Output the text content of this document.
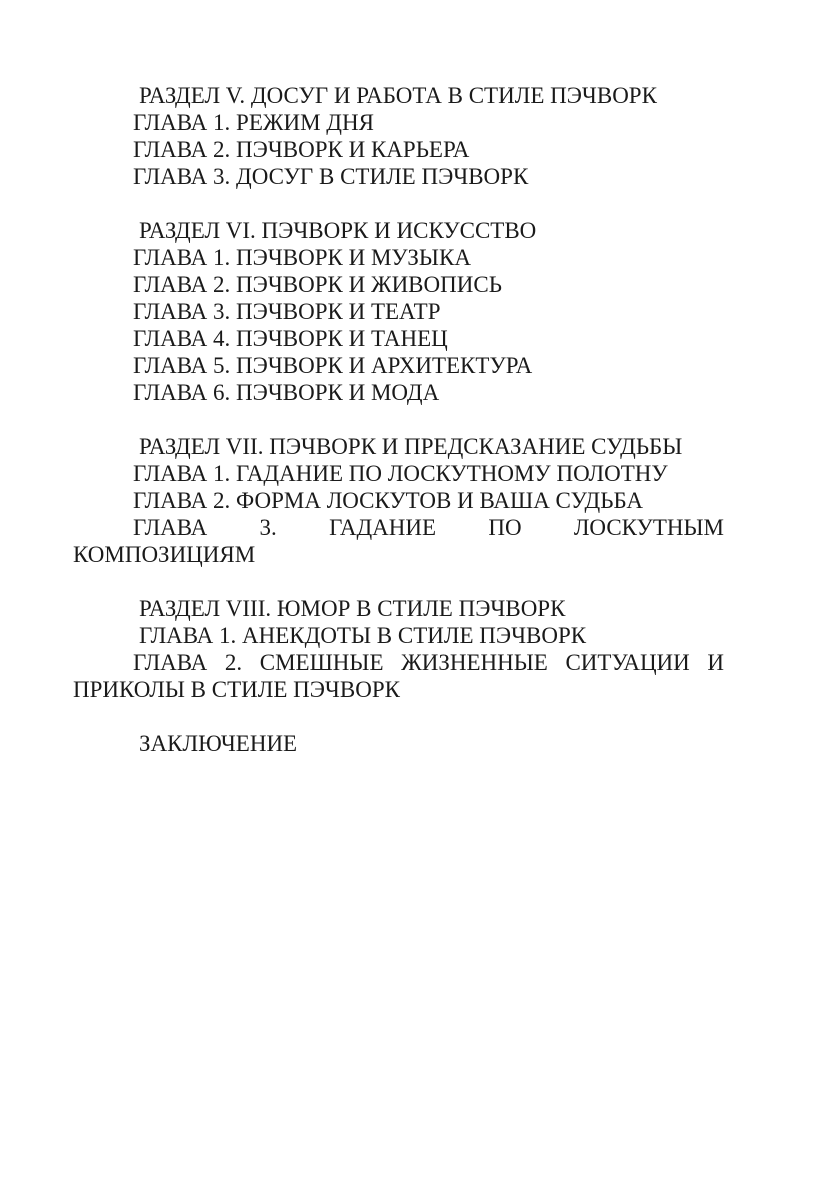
РАЗДЕЛ V. ДОСУГ И РАБОТА В СТИЛЕ ПЭЧВОРК
ГЛАВА 1. РЕЖИМ ДНЯ
ГЛАВА 2. ПЭЧВОРК И КАРЬЕРА
ГЛАВА 3. ДОСУГ В СТИЛЕ ПЭЧВОРК
РАЗДЕЛ VI. ПЭЧВОРК И ИСКУССТВО
ГЛАВА 1. ПЭЧВОРК И МУЗЫКА
ГЛАВА 2. ПЭЧВОРК И ЖИВОПИСЬ
ГЛАВА 3. ПЭЧВОРК И ТЕАТР
ГЛАВА 4. ПЭЧВОРК И ТАНЕЦ
ГЛАВА 5. ПЭЧВОРК И АРХИТЕКТУРА
ГЛАВА 6. ПЭЧВОРК И МОДА
РАЗДЕЛ VII. ПЭЧВОРК И ПРЕДСКАЗАНИЕ СУДЬБЫ
ГЛАВА 1. ГАДАНИЕ ПО ЛОСКУТНОМУ ПОЛОТНУ
ГЛАВА 2. ФОРМА ЛОСКУТОВ И ВАША СУДЬБА
ГЛАВА 3. ГАДАНИЕ ПО ЛОСКУТНЫМ КОМПОЗИЦИЯМ
РАЗДЕЛ VIII. ЮМОР В СТИЛЕ ПЭЧВОРК
ГЛАВА 1. АНЕКДОТЫ В СТИЛЕ ПЭЧВОРК
ГЛАВА 2. СМЕШНЫЕ ЖИЗНЕННЫЕ СИТУАЦИИ И ПРИКОЛЫ В СТИЛЕ ПЭЧВОРК
ЗАКЛЮЧЕНИЕ
